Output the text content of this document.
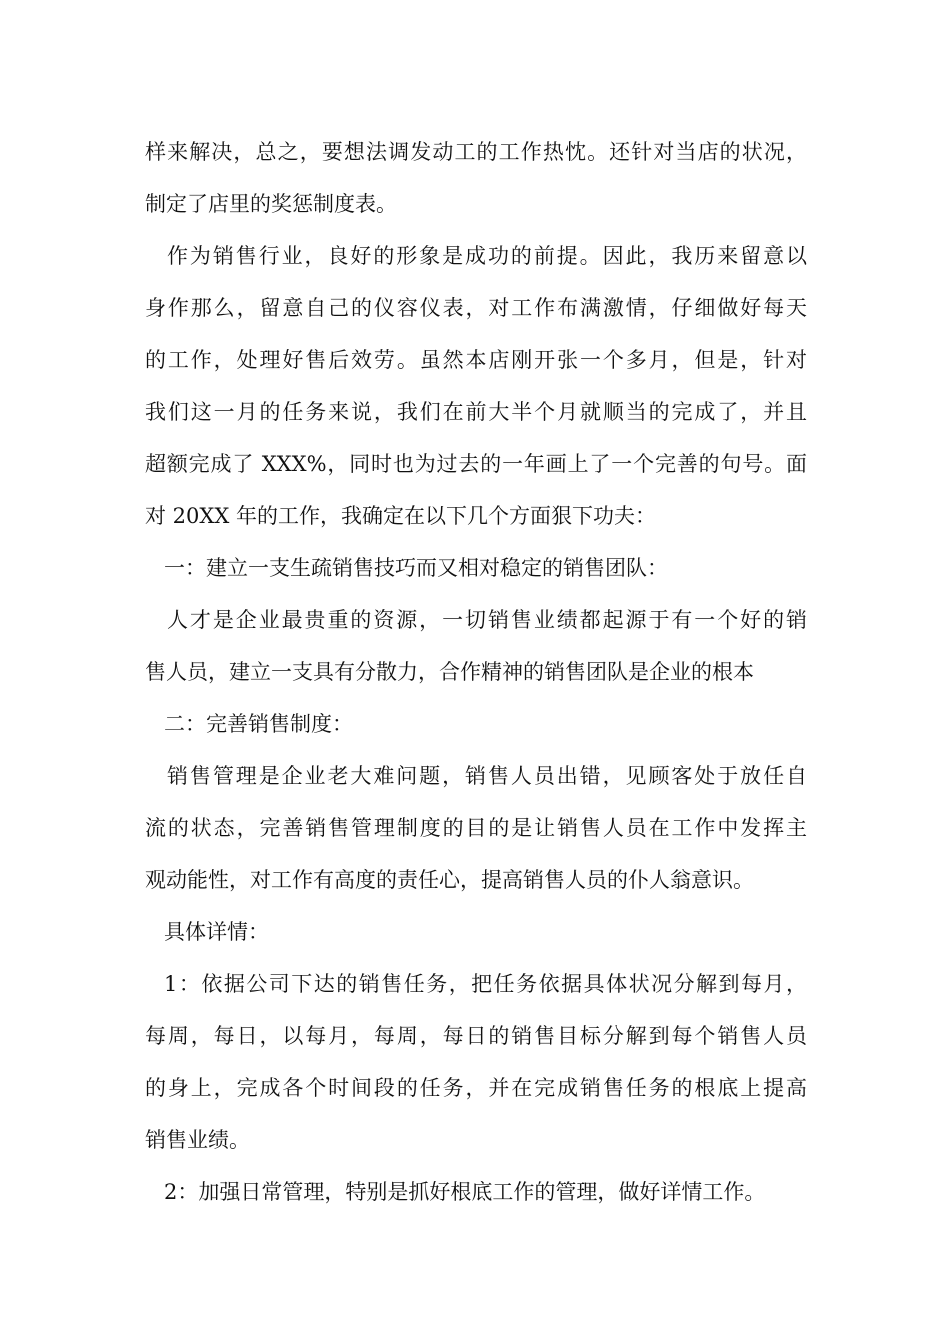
样来解决，总之，要想法调发动工的工作热忱。还针对当店的状况，
制定了店里的奖惩制度表。
作为销售行业，良好的形象是成功的前提。因此，我历来留意以
身作那么，留意自己的仪容仪表，对工作布满激情，仔细做好每天
的工作，处理好售后效劳。虽然本店刚开张一个多月，但是，针对
我们这一月的任务来说，我们在前大半个月就顺当的完成了，并且
超额完成了 XXX%，同时也为过去的一年画上了一个完善的句号。面
对 20XX 年的工作，我确定在以下几个方面狠下功夫：
一：建立一支生疏销售技巧而又相对稳定的销售团队：
人才是企业最贵重的资源，一切销售业绩都起源于有一个好的销
售人员，建立一支具有分散力，合作精神的销售团队是企业的根本
二：完善销售制度：
销售管理是企业老大难问题，销售人员出错，见顾客处于放任自
流的状态，完善销售管理制度的目的是让销售人员在工作中发挥主
观动能性，对工作有高度的责任心，提高销售人员的仆人翁意识。
具体详情：
1：依据公司下达的销售任务，把任务依据具体状况分解到每月，
每周，每日，以每月，每周，每日的销售目标分解到每个销售人员
的身上，完成各个时间段的任务，并在完成销售任务的根底上提高
销售业绩。
2：加强日常管理，特别是抓好根底工作的管理，做好详情工作。
